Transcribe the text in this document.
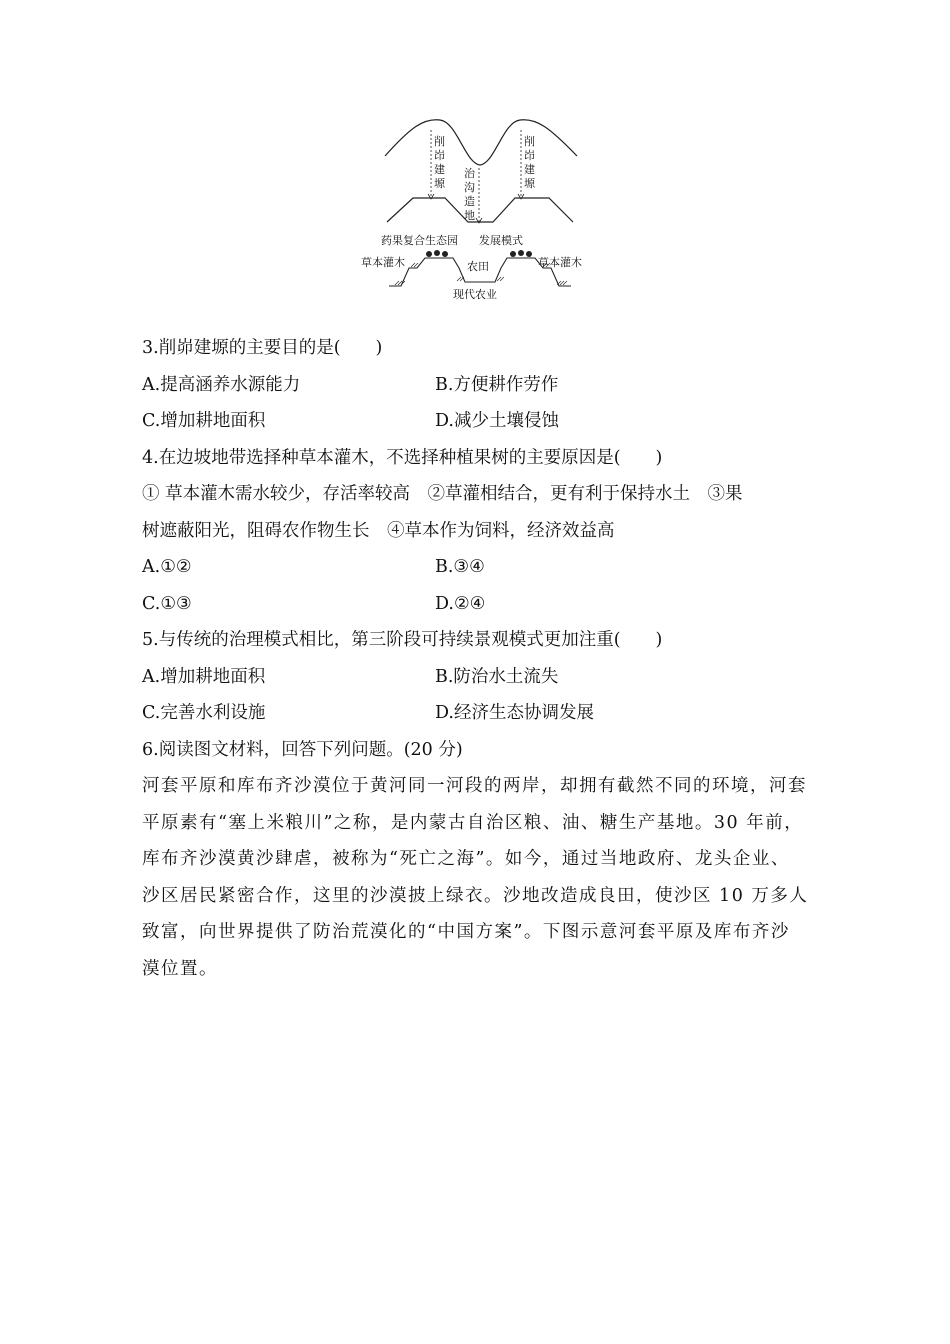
削
岇
建
塬
削
岇
建
塬
治
沟
造
地
药果复合生态园 发展模式
草本灌木	草本灌木
农田
现代农业
3.削峁建塬的主要目的是(　　)
A.提高涵养水源能力	B.方便耕作劳作
C.增加耕地面积	D.减少土壤侵蚀
4.在边坡地带选择种草本灌木，不选择种植果树的主要原因是(　　)
① 草本灌木需水较少，存活率较高　②草灌相结合，更有利于保持水土　③果
树遮蔽阳光，阻碍农作物生长　④草本作为饲料，经济效益高
A.①②	B.③④
C.①③	D.②④
5.与传统的治理模式相比，第三阶段可持续景观模式更加注重(　　)
A.增加耕地面积	B.防治水土流失
C.完善水利设施	D.经济生态协调发展
6.阅读图文材料，回答下列问题。(20 分)
河套平原和库布齐沙漠位于黄河同一河段的两岸，却拥有截然不同的环境，河套
平原素有“塞上米粮川”之称，是内蒙古自治区粮、油、糖生产基地。30 年前，
库布齐沙漠黄沙肆虐，被称为“死亡之海”。如今，通过当地政府、龙头企业、
沙区居民紧密合作，这里的沙漠披上绿衣。沙地改造成良田，使沙区 10 万多人
致富，向世界提供了防治荒漠化的“中国方案”。下图示意河套平原及库布齐沙
漠位置。
